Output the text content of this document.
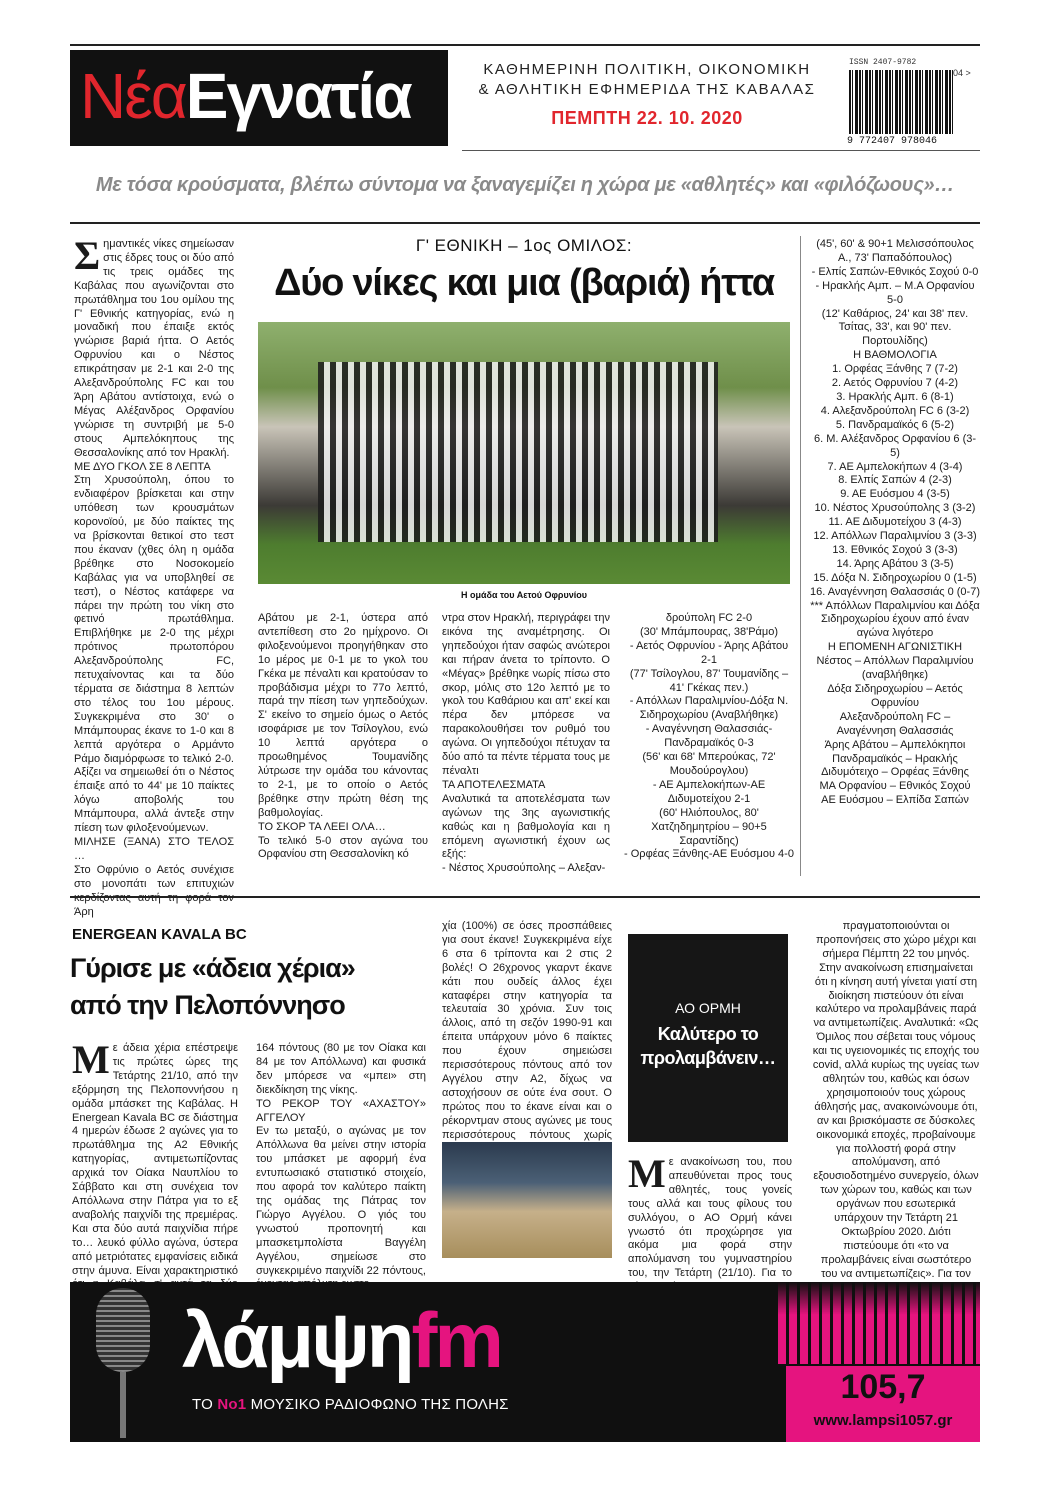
ΝέαΕγνατία	ΚΑΘΗΜΕΡΙΝΗ ΠΟΛΙΤΙΚΗ, ΟΙΚΟΝΟΜΙΚΗ
& ΑΘΛΗΤΙΚΗ ΕΦΗΜΕΡΙΔΑ ΤΗΣ ΚΑΒΑΛΑΣ
ΠΕΜΠΤΗ 22. 10. 2020
ISSN 2407-9782
04 >
9 772407 978046
Με τόσα κρούσματα, βλέπω σύντομα να ξαναγεμίζει η χώρα με «αθλητές» και «φιλόζωους»…

Σημαντικές νίκες σημείωσαν στις έδρες τους οι δύο από τις τρεις ομάδες της Καβάλας που αγωνίζονται στο πρωτάθλημα του 1ου ομίλου της Γ' Εθνικής κατηγορίας, ενώ η μοναδική που έπαιξε εκτός γνώρισε βαριά ήττα. Ο Αετός Οφρυνίου και ο Νέστος επικράτησαν με 2-1 και 2-0 της Αλεξανδρούπολης FC και του Άρη Αβάτου αντίστοιχα, ενώ ο Μέγας Αλέξανδρος Ορφανίου γνώρισε τη συντριβή με 5-0 στους Αμπελόκηπους της Θεσσαλονίκης από τον Ηρακλή.

ΜΕ ΔΥΟ ΓΚΟΛ ΣΕ 8 ΛΕΠΤΑ

Στη Χρυσούπολη, όπου το ενδιαφέρον βρίσκεται και στην υπόθεση των κρουσμάτων κορονοϊού, με δύο παίκτες της να βρίσκονται θετικοί στο τεστ που έκαναν (χθες όλη η ομάδα βρέθηκε στο Νοσοκομείο Καβάλας για να υποβληθεί σε τεστ), ο Νέστος κατάφερε να πάρει την πρώτη του νίκη στο φετινό πρωτάθλημα. Επιβλήθηκε με 2-0 της μέχρι πρότινος πρωτοπόρου Αλεξανδρούπολης FC, πετυχαίνοντας και τα δύο τέρματα σε διάστημα 8 λεπτών στο τέλος του 1ου μέρους. Συγκεκριμένα στο 30' ο Μπάμπουρας έκανε το 1-0 και 8 λεπτά αργότερα ο Αρμάντο Ράμο διαμόρφωσε το τελικό 2-0. Αξίζει να σημειωθεί ότι ο Νέστος έπαιξε από το 44' με 10 παίκτες λόγω αποβολής του Μπάμπουρα, αλλά άντεξε στην πίεση των φιλοξενούμενων.

ΜΙΛΗΣΕ (ΞΑΝΑ) ΣΤΟ ΤΕΛΟΣ …

Στο Οφρύνιο ο Αετός συνέχισε στο μονοπάτι των επιτυχιών Άρη

Γ' ΕΘΝΙΚΗ – 1ος ΟΜΙΛΟΣ:
Δύο νίκες και μια (βαριά) ήττα
Η ομάδα του Αετού Οφρυνίου

Αβάτου με 2-1, ύστερα από αντεπίθεση στο 2ο ημίχρονο. Οι φιλοξενούμενοι προηγήθηκαν στο 1ο μέρος με 0-1 με το γκολ του Γκέκα με πέναλτι και κρατούσαν το προβάδισμα μέχρι το 77ο λεπτό, παρά την πίεση των γηπεδούχων. Σ' εκείνο το σημείο όμως ο Αετός ισοφάρισε με τον Τσίλογλου, ενώ 10 λεπτά αργότερα ο προωθημένος Τουμανίδης λύτρωσε την ομάδα του κάνοντας το 2-1, με το οποίο ο Αετός βρέθηκε στην πρώτη θέση της βαθμολογίας.

ΤΟ ΣΚΟΡ ΤΑ ΛΕΕΙ ΟΛΑ…

Το τελικό 5-0 στον αγώνα του Ορφανίου στη Θεσσαλονίκη κό

ντρα στον Ηρακλή, περιγράφει την εικόνα της αναμέτρησης. Οι γηπεδούχοι ήταν σαφώς ανώτεροι και πήραν άνετα το τρίποντο. Ο «Μέγας» βρέθηκε νωρίς πίσω στο σκορ, μόλις στο 12ο λεπτό με το γκολ του Καθάριου και απ' εκεί και πέρα δεν μπόρεσε να παρακολουθήσει τον ρυθμό του αγώνα. Οι γηπεδούχοι πέτυχαν τα δύο από τα πέντε τέρματα τους με πέναλτι

ΤΑ ΑΠΟΤΕΛΕΣΜΑΤΑ

Αναλυτικά τα αποτελέσματα των αγώνων της 3ης αγωνιστικής καθώς και η βαθμολογία και η επόμενη αγωνιστική έχουν ως εξής:

- Νέστος Χρυσούπολης – Αλεξαν-

δρούπολη FC 2-0

(30' Μπάμπουρας, 38'Ράμο)

- Αετός Οφρυνίου - Άρης Αβάτου 2-1

(77' Τσίλογλου, 87' Τουμανίδης – 41' Γκέκας πεν.)

- Απόλλων Παραλιμνίου-Δόξα Ν. Σιδηροχωρίου (Αναβλήθηκε)

- Αναγέννηση Θαλασσιάς-Πανδραμαϊκός 0-3

(56' και 68' Μπερούκας, 72' Μουδούρογλου)

- ΑΕ Αμπελοκήπων-ΑΕ Διδυμοτείχου 2-1

(60' Ηλιόπουλος, 80' Χατζηδημητρίου – 90+5 Σαραντίδης)

- Ορφέας Ξάνθης-ΑΕ Ευόσμου 4-0

(45', 60' & 90+1 Μελισσόπουλος Α., 73' Παπαδόπουλος)

- Ελπίς Σαπών-Εθνικός Σοχού 0-0

- Ηρακλής Αμπ. – Μ.Α Ορφανίου 5-0

(12' Καθάριος, 24' και 38' πεν. Τσίτας, 33', και 90' πεν. Πορτουλίδης)

Η ΒΑΘΜΟΛΟΓΙΑ

1. Ορφέας Ξάνθης 7 (7-2)

2. Αετός Οφρυνίου 7 (4-2)

3. Ηρακλής Αμπ. 6 (8-1)

4. Αλεξανδρούπολη FC 6 (3-2)

5. Πανδραμαϊκός 6 (5-2)

6. Μ. Αλέξανδρος Ορφανίου 6 (3-5)

7. ΑΕ Αμπελοκήπων 4 (3-4)

8. Ελπίς Σαπών 4 (2-3)

9. ΑΕ Ευόσμου 4 (3-5)

10. Νέστος Χρυσούπολης 3 (3-2)

11. ΑΕ Διδυμοτείχου 3 (4-3)

12. Απόλλων Παραλιμνίου 3 (3-3)

13. Εθνικός Σοχού 3 (3-3)

14. Άρης Αβάτου 3 (3-5)

15. Δόξα Ν. Σιδηροχωρίου 0 (1-5)

16. Αναγέννηση Θαλασσιάς 0 (0-7)

*** Απόλλων Παραλιμνίου και Δόξα Σιδηροχωρίου έχουν από έναν αγώνα λιγότερο

Η ΕΠΟΜΕΝΗ ΑΓΩΝΙΣΤΙΚΗ

Νέστος – Απόλλων Παραλιμνίου (αναβλήθηκε)

Δόξα Σιδηροχωρίου – Αετός Οφρυνίου

Αλεξανδρούπολη FC – Αναγέννηση Θαλασσιάς

Άρης Αβάτου – Αμπελόκηποι

Πανδραμαϊκός – Ηρακλής

Διδυμότειχο – Ορφέας Ξάνθης

ΜΑ Ορφανίου – Εθνικός Σοχού

ΑΕ Ευόσμου – Ελπίδα Σαπών

ENERGEAN KAVALA BC
Γύρισε με «άδεια χέρια»
από την Πελοπόννησο

Με άδεια χέρια επέστρεψε τις πρώτες ώρες της Τετάρτης 21/10, από την εξόρμηση της Πελοποννήσου η ομάδα μπάσκετ της Καβάλας. Η Energean Kavala BC σε διάστημα 4 ημερών έδωσε 2 αγώνες για το πρωτάθλημα της Α2 Εθνικής κατηγορίας, αντιμετωπίζοντας αρχικά τον Οίακα Ναυπλίου το Σάββατο και στη συνέχεια τον Απόλλωνα στην Πάτρα για το εξ αναβολής παιχνίδι της πρεμιέρας. Και στα δύο αυτά παιχνίδια πήρε το… λευκό φύλλο αγώνα, ύστερα από μετριότατες εμφανίσεις ειδικά στην άμυνα. Είναι χαρακτηριστικό

164 πόντους (80 με τον Οίακα και 84 με τον Απόλλωνα) και φυσικά δεν μπόρεσε να «μπει» στη διεκδίκηση της νίκης.

ΤΟ ΡΕΚΟΡ ΤΟΥ «ΑΧΑΣΤΟΥ» ΑΓΓΕΛΟΥ

Εν τω μεταξύ, ο αγώνας με τον Απόλλωνα θα μείνει στην ιστορία του μπάσκετ με αφορμή ένα εντυπωσιακό στατιστικό στοιχείο, που αφορά τον καλύτερο παίκτη της ομάδας της Πάτρας τον Γιώργο Αγγέλου. Ο γιός του γνωστού προπονητή και μπασκετμπολίστα Βαγγέλη Αγγέλου, σημείωσε στο συγκεκριμένο παιχνίδι 22 πόντους,

χία (100%) σε όσες προσπάθειες για σουτ έκανε! Συγκεκριμένα είχε 6 στα 6 τρίποντα και 2 στις 2 βολές! Ο 26χρονος γκαρντ έκανε κάτι που ουδείς άλλος έχει καταφέρει στην κατηγορία τα τελευταία 30 χρόνια. Συν τοις άλλοις, από τη σεζόν 1990-91 και έπειτα υπάρχουν μόνο 6 παίκτες που έχουν σημειώσει περισσότερους πόντους από τον Αγγέλου στην Α2, δίχως να αστοχήσουν σε ούτε ένα σουτ. Ο πρώτος που το έκανε είναι και ο ρέκορντμαν στους αγώνες με τους περισσότερους πόντους χωρίς

ΑΟ ΟΡΜΗ
Καλύτερο το προλαμβάνειν…

Με ανακοίνωση του, που απευθύνεται προς τους αθλητές, τους γονείς τους αλλά και τους φίλους του συλλόγου, ο ΑΟ Ορμή κάνει γνωστό ότι προχώρησε για ακόμα μια φορά στην απολύμανση του γυμναστηρίου του, την Τετάρτη (21/10). Για το

πραγματοποιούνται οι προπονήσεις στο χώρο μέχρι και σήμερα Πέμπτη 22 του μηνός. Στην ανακοίνωση επισημαίνεται ότι η κίνηση αυτή γίνεται γιατί στη διοίκηση πιστεύουν ότι είναι καλύτερο να προλαμβάνεις παρά να αντιμετωπίζεις. Αναλυτικά: «Ως Όμιλος που σέβεται τους νόμους και τις υγειονομικές τις εποχής του covid, αλλά κυρίως της υγείας των αθλητών του, καθώς και όσων χρησιμοποιούν τους χώρους άθλησής μας, ανακοινώνουμε ότι, αν και βρισκόμαστε σε δύσκολες οικονομικά εποχές, προβαίνουμε για πολλοστή φορά στην απολύμανση, από εξουσιοδοτημένο συνεργείο, όλων των χώρων του, καθώς και των οργάνων που εσωτερικά υπάρχουν την Τετάρτη 21 Οκτωβρίου 2020. Διότι πιστεύουμε ότι «το να προλαμβάνεις είναι σωστότερο του να αντιμετωπίζεις». Για τον

λάμψηfm
ΤΟ Νο1 ΜΟΥΣΙΚΟ ΡΑΔΙΟΦΩΝΟ ΤΗΣ ΠΟΛΗΣ	105,7
www.lampsi1057.gr
